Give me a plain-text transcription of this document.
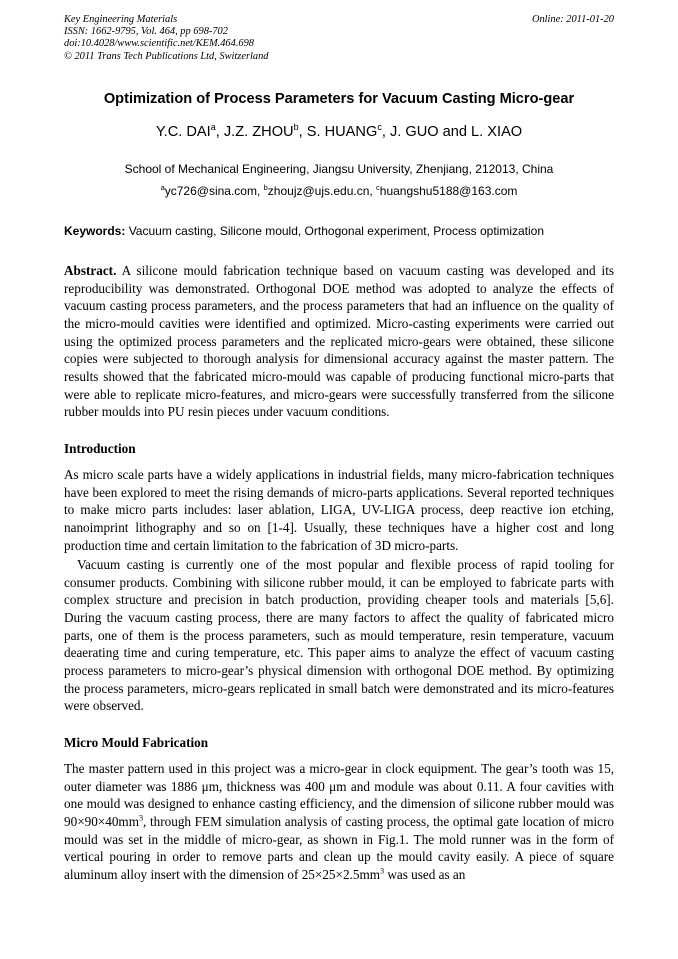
Key Engineering Materials
ISSN: 1662-9795, Vol. 464, pp 698-702
doi:10.4028/www.scientific.net/KEM.464.698
© 2011 Trans Tech Publications Ltd, Switzerland
Online: 2011-01-20
Optimization of Process Parameters for Vacuum Casting Micro-gear
Y.C. DAI$^a$, J.Z. ZHOU$^b$, S. HUANG$^c$, J. GUO and L. XIAO
School of Mechanical Engineering, Jiangsu University, Zhenjiang, 212013, China
$^a$yc726@sina.com, $^b$zhoujz@ujs.edu.cn, $^c$huangshu5188@163.com
Keywords: Vacuum casting, Silicone mould, Orthogonal experiment, Process optimization

Abstract. A silicone mould fabrication technique based on vacuum casting was developed and its reproducibility was demonstrated. Orthogonal DOE method was adopted to analyze the effects of vacuum casting process parameters, and the process parameters that had an influence on the quality of the micro-mould cavities were identified and optimized. Micro-casting experiments were carried out using the optimized process parameters and the replicated micro-gears were obtained, these silicone copies were subjected to thorough analysis for dimensional accuracy against the master pattern. The results showed that the fabricated micro-mould was capable of producing functional micro-parts that were able to replicate micro-features, and micro-gears were successfully transferred from the silicone rubber moulds into PU resin pieces under vacuum conditions.

Introduction

As micro scale parts have a widely applications in industrial fields, many micro-fabrication techniques have been explored to meet the rising demands of micro-parts applications. Several reported techniques to make micro parts includes: laser ablation, LIGA, UV-LIGA process, deep reactive ion etching, nanoimprint lithography and so on [1-4]. Usually, these techniques have a higher cost and long production time and certain limitation to the fabrication of 3D micro-parts.

Vacuum casting is currently one of the most popular and flexible process of rapid tooling for consumer products. Combining with silicone rubber mould, it can be employed to fabricate parts with complex structure and precision in batch production, providing cheaper tools and materials [5,6]. During the vacuum casting process, there are many factors to affect the quality of fabricated micro parts, one of them is the process parameters, such as mould temperature, resin temperature, vacuum deaerating time and curing temperature, etc. This paper aims to analyze the effect of vacuum casting process parameters to micro-gear’s physical dimension with orthogonal DOE method. By optimizing the process parameters, micro-gears replicated in small batch were demonstrated and its micro-features were observed.

Micro Mould Fabrication

The master pattern used in this project was a micro-gear in clock equipment. The gear’s tooth was 15, outer diameter was 1886 μm, thickness was 400 μm and module was about 0.11. A four cavities with one mould was designed to enhance casting efficiency, and the dimension of silicone rubber mould was $90\times 90\times 40mm^3$, through FEM simulation analysis of casting process, the optimal gate location of micro mould was set in the middle of micro-gear, as shown in Fig.1. The mold runner was in the form of vertical pouring in order to remove parts and clean up the mould cavity easily. A piece of square aluminum alloy insert with the dimension of $25\times 25\times 2.5mm^3$ was used as an
